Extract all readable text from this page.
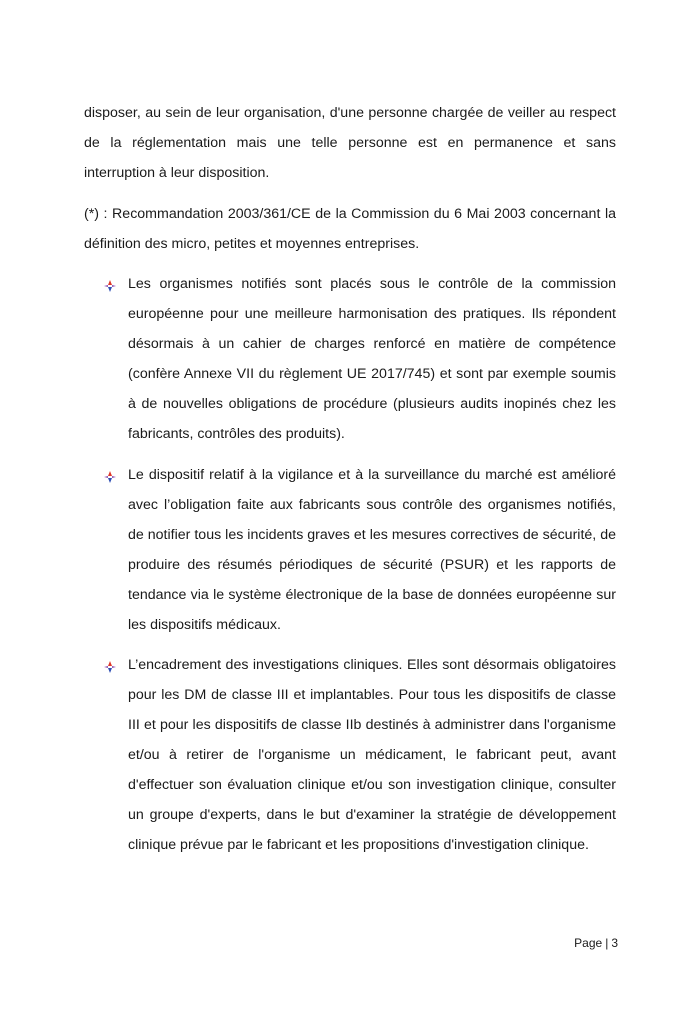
disposer, au sein de leur organisation, d'une personne chargée de veiller au respect de la réglementation mais une telle personne est en permanence et sans interruption à leur disposition.

(*) : Recommandation 2003/361/CE de la Commission du 6 Mai 2003 concernant la définition des micro, petites et moyennes entreprises.

Les organismes notifiés sont placés sous le contrôle de la commission européenne pour une meilleure harmonisation des pratiques. Ils répondent désormais à un cahier de charges renforcé en matière de compétence (confère Annexe VII du règlement UE 2017/745) et sont par exemple soumis à de nouvelles obligations de procédure (plusieurs audits inopinés chez les fabricants, contrôles des produits).

Le dispositif relatif à la vigilance et à la surveillance du marché est amélioré avec l’obligation faite aux fabricants sous contrôle des organismes notifiés, de notifier tous les incidents graves et les mesures correctives de sécurité, de produire des résumés périodiques de sécurité (PSUR) et les rapports de tendance via le système électronique de la base de données européenne sur les dispositifs médicaux.

L’encadrement des investigations cliniques. Elles sont désormais obligatoires pour les DM de classe III et implantables. Pour tous les dispositifs de classe III et pour les dispositifs de classe IIb destinés à administrer dans l'organisme et/ou à retirer de l'organisme un médicament, le fabricant peut, avant d'effectuer son évaluation clinique et/ou son investigation clinique, consulter un groupe d'experts, dans le but d'examiner la stratégie de développement clinique prévue par le fabricant et les propositions d'investigation clinique.

Page | 3
